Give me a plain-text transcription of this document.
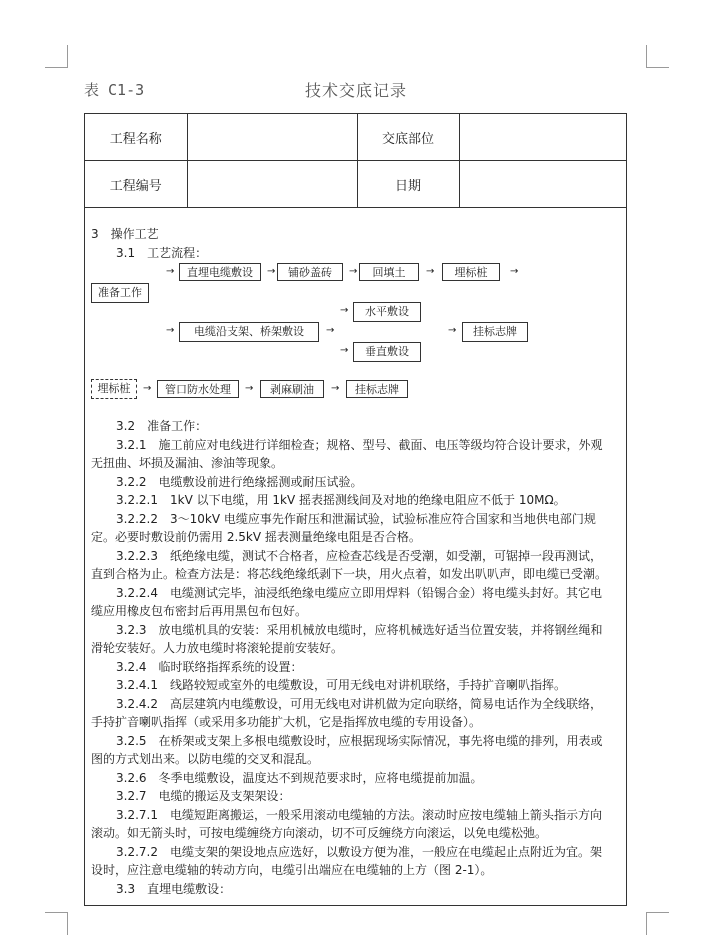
表 C1-3	技术交底记录
工程名称		交底部位	
工程编号		日期	
3　操作工艺
3.1　工艺流程：
准备工作
→	直埋电缆敷设	→	铺砂盖砖	→	回填土	→	埋标桩	→
水平敷设
→
→	电缆沿支架、桥架敷设	→	→	挂标志牌
→	垂直敷设
埋标桩	→	管口防水处理	→	剥麻刷油	→	挂标志牌
3.2　准备工作：
3.2.1　施工前应对电线进行详细检查；规格、型号、截面、电压等级均符合设计要求，外观
无扭曲、坏损及漏油、渗油等现象。
3.2.2　电缆敷设前进行绝缘摇测或耐压试验。
3.2.2.1　1kV 以下电缆，用 1kV 摇表摇测线间及对地的绝缘电阻应不低于 10MΩ。
3.2.2.2　3～10kV 电缆应事先作耐压和泄漏试验，试验标准应符合国家和当地供电部门规
定。必要时敷设前仍需用 2.5kV 摇表测量绝缘电阻是否合格。
3.2.2.3　纸绝缘电缆，测试不合格者，应检查芯线是否受潮，如受潮，可锯掉一段再测试，
直到合格为止。检查方法是：将芯线绝缘纸剥下一块，用火点着，如发出叭叭声，即电缆已受潮。
3.2.2.4　电缆测试完毕，油浸纸绝缘电缆应立即用焊料（铅锡合金）将电缆头封好。其它电
缆应用橡皮包布密封后再用黑包布包好。
3.2.3　放电缆机具的安装：采用机械放电缆时，应将机械选好适当位置安装，并将钢丝绳和
滑轮安装好。人力放电缆时将滚轮提前安装好。
3.2.4　临时联络指挥系统的设置：
3.2.4.1　线路较短或室外的电缆敷设，可用无线电对讲机联络，手持扩音喇叭指挥。
3.2.4.2　高层建筑内电缆敷设，可用无线电对讲机做为定向联络，简易电话作为全线联络，
手持扩音喇叭指挥（或采用多功能扩大机，它是指挥放电缆的专用设备）。
3.2.5　在桥架或支架上多根电缆敷设时，应根据现场实际情况，事先将电缆的排列，用表或
图的方式划出来。以防电缆的交叉和混乱。
3.2.6　冬季电缆敷设，温度达不到规范要求时，应将电缆提前加温。
3.2.7　电缆的搬运及支架架设：
3.2.7.1　电缆短距离搬运，一般采用滚动电缆轴的方法。滚动时应按电缆轴上箭头指示方向
滚动。如无箭头时，可按电缆缠绕方向滚动，切不可反缠绕方向滚运，以免电缆松弛。
3.2.7.2　电缆支架的架设地点应选好，以敷设方便为准，一般应在电缆起止点附近为宜。架
设时，应注意电缆轴的转动方向，电缆引出端应在电缆轴的上方（图 2-1）。
3.3　直埋电缆敷设：
